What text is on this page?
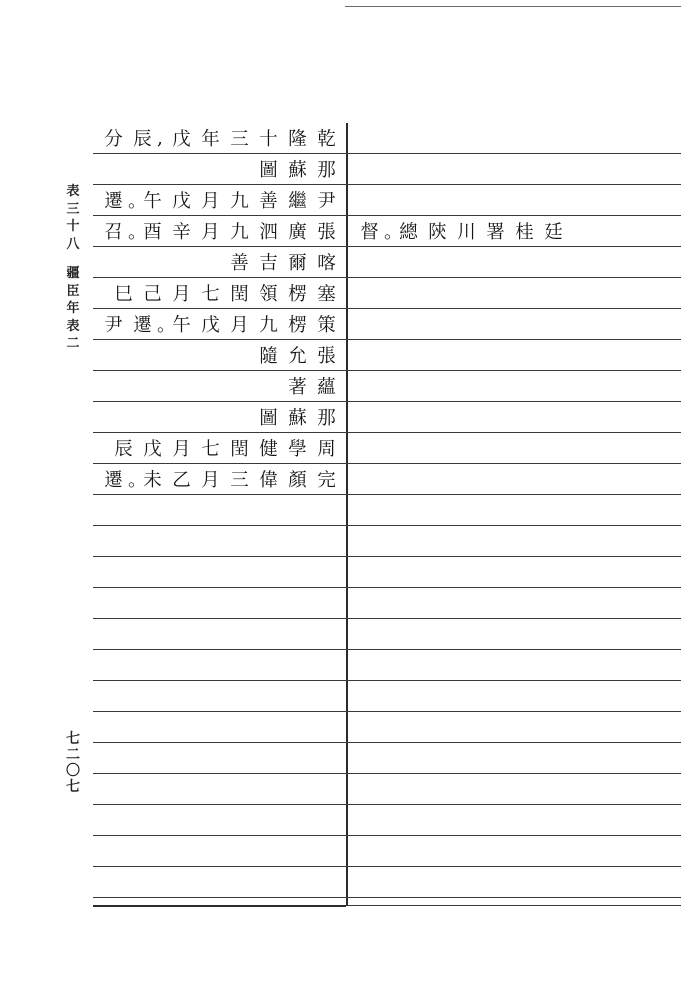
表
三
十
八
疆
臣
年
表
二
七
二
〇
七
分 辰 , 戊 年 三 十 隆 乾
圖 蘇 那
遷 。
午 戊 月 九 善 繼 尹
召 。
酉 辛 月 九 泗 廣 張 督 。
總 陝 川 署 桂 廷
善 吉 爾 喀
巳 己 月 七 閏 領 楞 塞
尹 遷 。
午 戊 月 九 楞 策
隨 允 張
著 蘊
圖 蘇 那
辰 戊 月 七 閏 健 學 周
遷 。
未 乙 月 三 偉 顏 完
